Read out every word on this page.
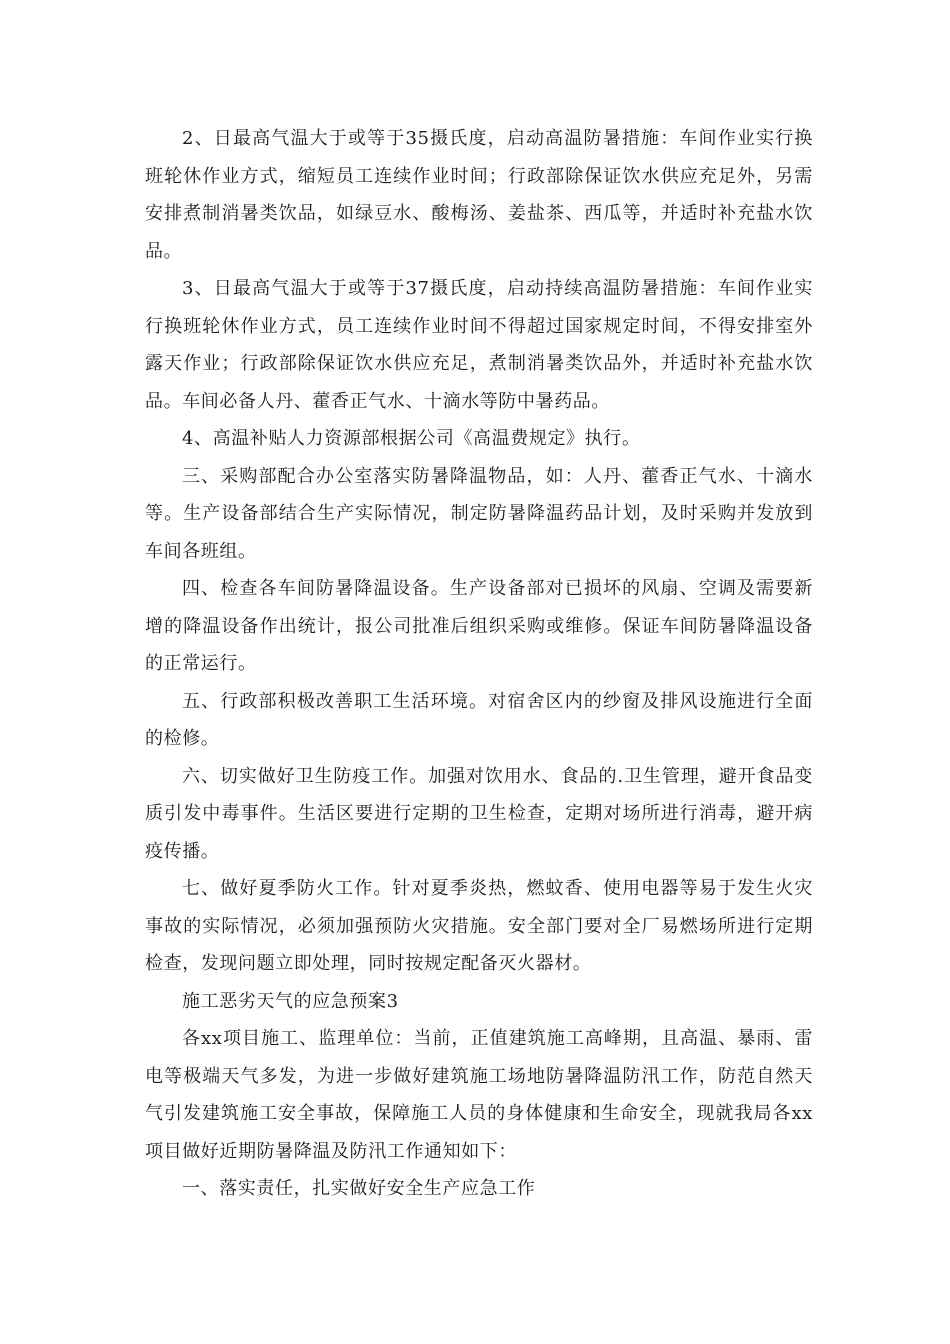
2、日最高气温大于或等于35摄氏度，启动高温防暑措施：车间作业实行换班轮休作业方式，缩短员工连续作业时间；行政部除保证饮水供应充足外，另需安排煮制消暑类饮品，如绿豆水、酸梅汤、姜盐茶、西瓜等，并适时补充盐水饮品。

3、日最高气温大于或等于37摄氏度，启动持续高温防暑措施：车间作业实行换班轮休作业方式，员工连续作业时间不得超过国家规定时间，不得安排室外露天作业；行政部除保证饮水供应充足，煮制消暑类饮品外，并适时补充盐水饮品。车间必备人丹、藿香正气水、十滴水等防中暑药品。

4、高温补贴人力资源部根据公司《高温费规定》执行。

三、采购部配合办公室落实防暑降温物品，如：人丹、藿香正气水、十滴水等。生产设备部结合生产实际情况，制定防暑降温药品计划，及时采购并发放到车间各班组。

四、检查各车间防暑降温设备。生产设备部对已损坏的风扇、空调及需要新增的降温设备作出统计，报公司批准后组织采购或维修。保证车间防暑降温设备的正常运行。

五、行政部积极改善职工生活环境。对宿舍区内的纱窗及排风设施进行全面的检修。

六、切实做好卫生防疫工作。加强对饮用水、食品的.卫生管理，避开食品变质引发中毒事件。生活区要进行定期的卫生检查，定期对场所进行消毒，避开病疫传播。

七、做好夏季防火工作。针对夏季炎热，燃蚊香、使用电器等易于发生火灾事故的实际情况，必须加强预防火灾措施。安全部门要对全厂易燃场所进行定期检查，发现问题立即处理，同时按规定配备灭火器材。

施工恶劣天气的应急预案3

各xx项目施工、监理单位：当前，正值建筑施工高峰期，且高温、暴雨、雷电等极端天气多发，为进一步做好建筑施工场地防暑降温防汛工作，防范自然天气引发建筑施工安全事故，保障施工人员的身体健康和生命安全，现就我局各xx项目做好近期防暑降温及防汛工作通知如下：

一、落实责任，扎实做好安全生产应急工作
